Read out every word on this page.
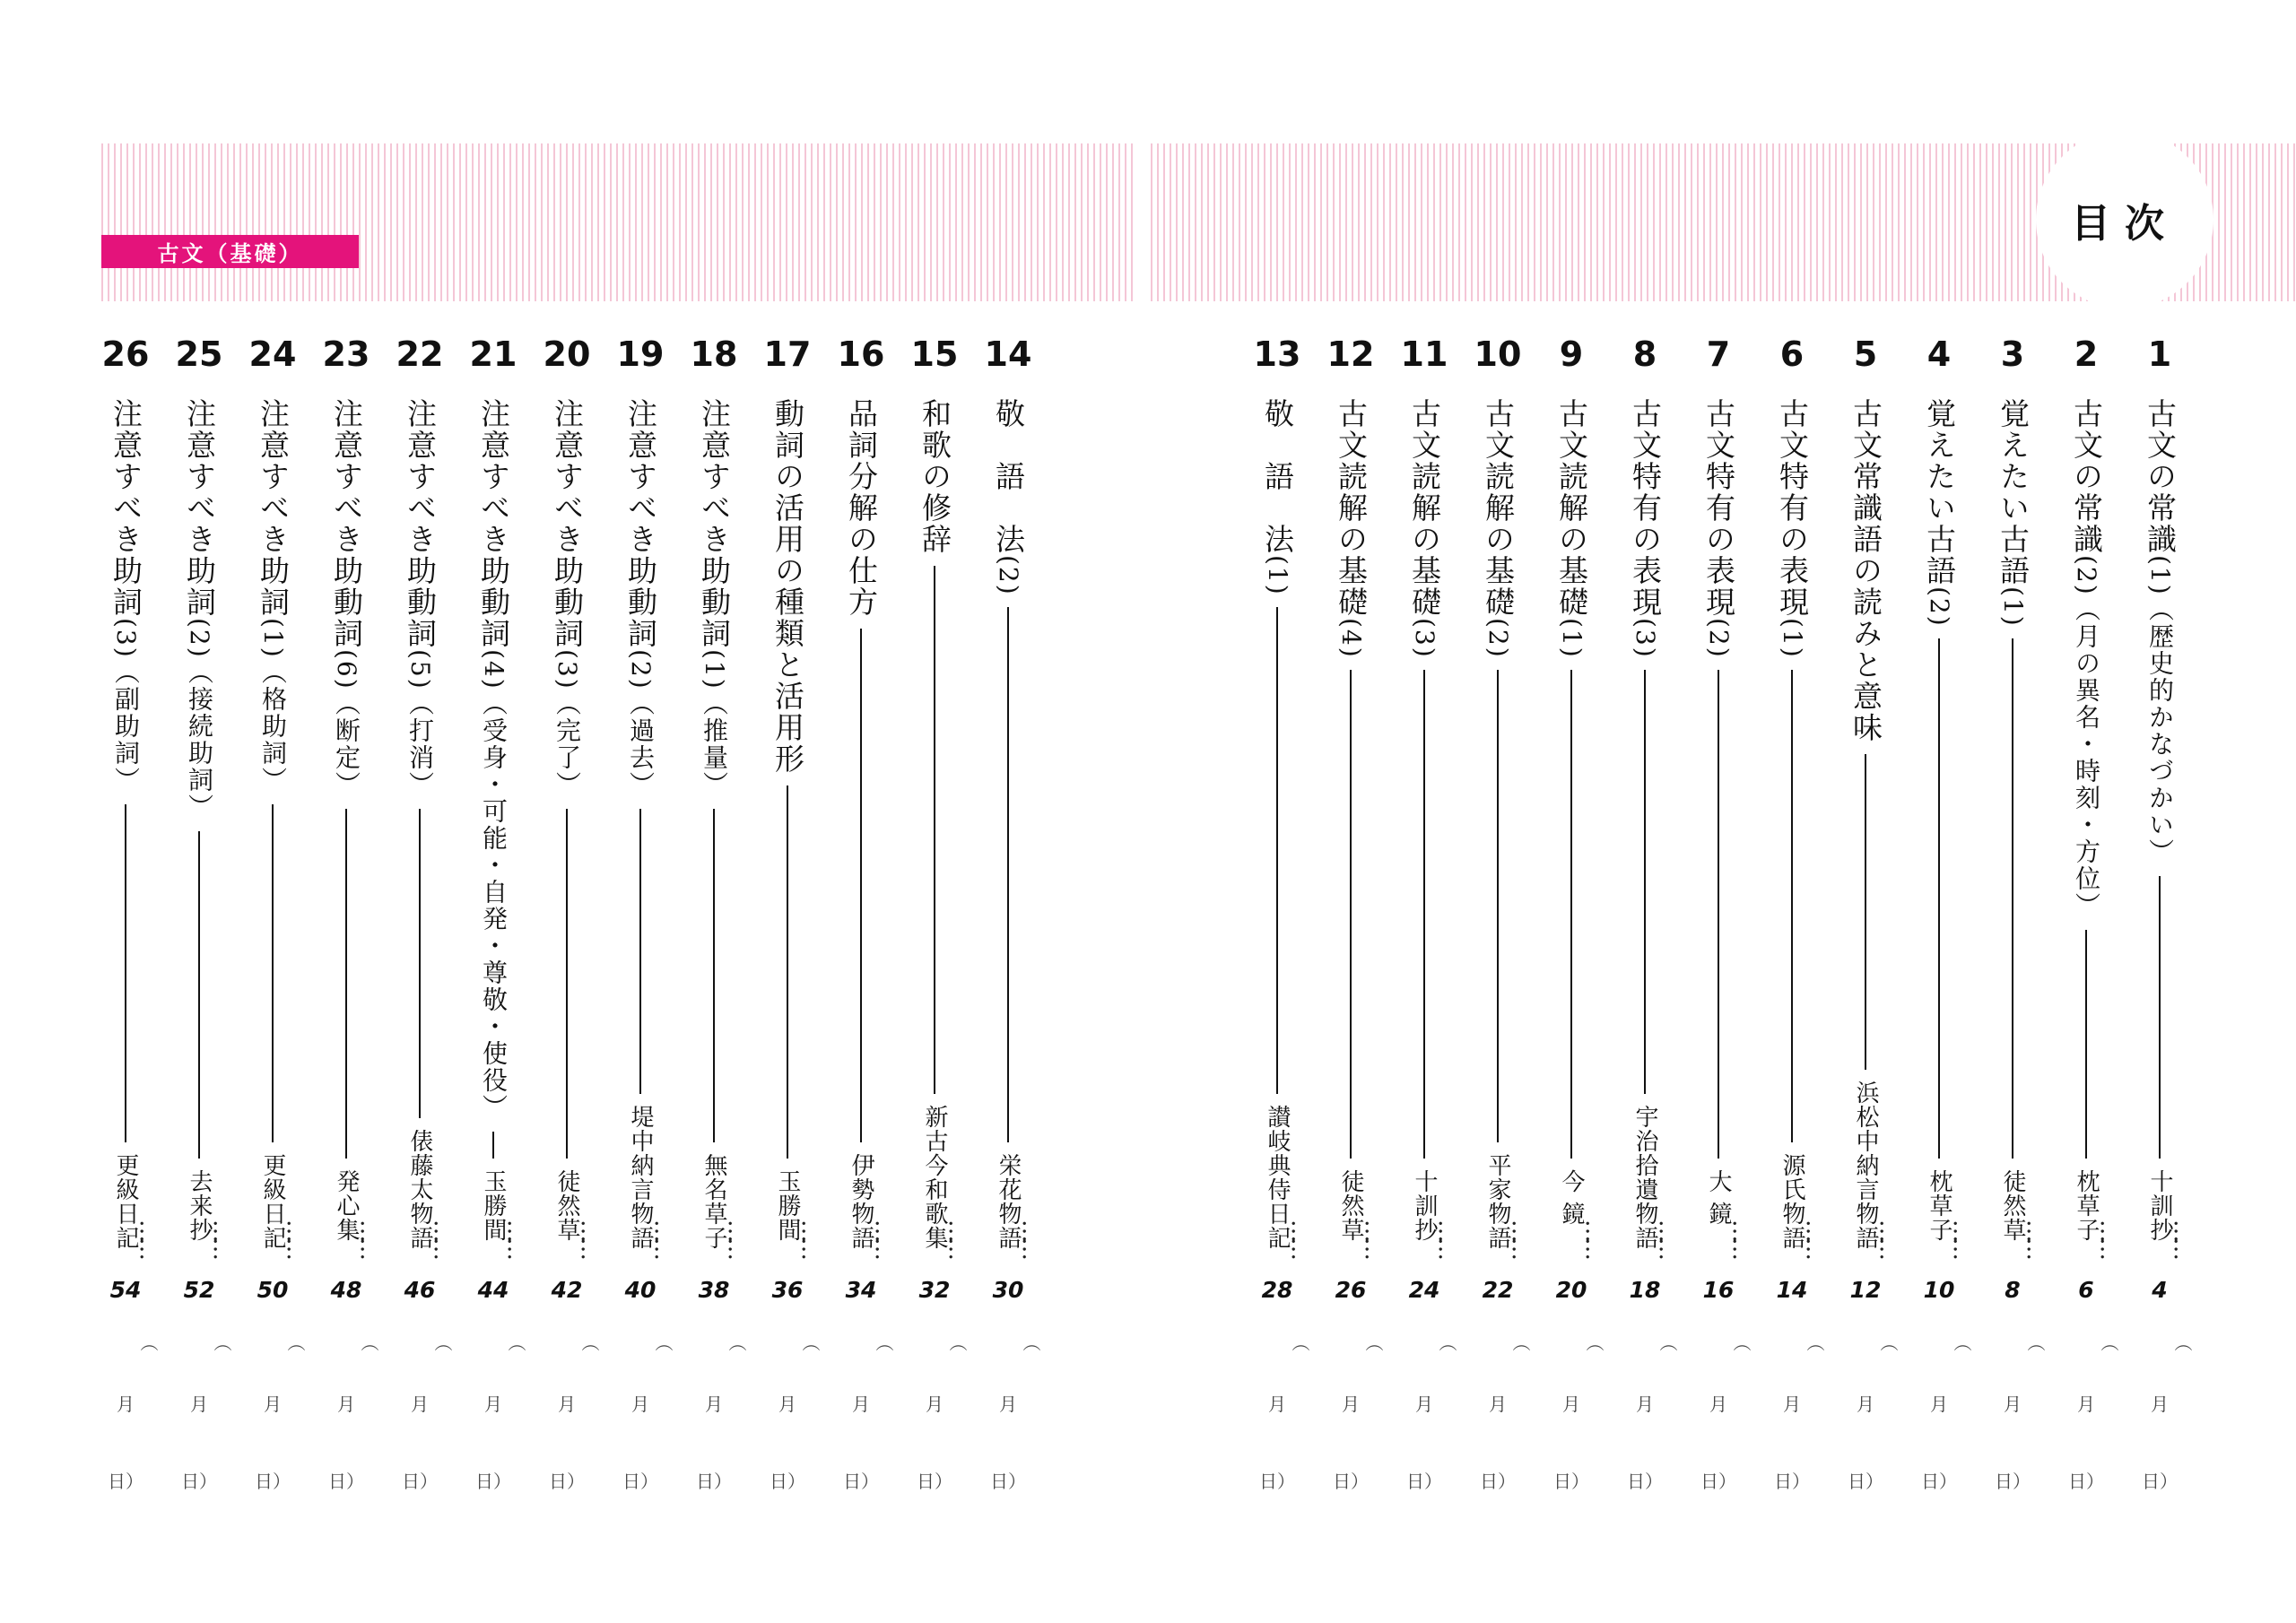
古文（基礎）
目次
1
古文の常識(1)（歴史的かなづかい）
十訓抄
……
4
（
月
日）
2
古文の常識(2)（月の異名・時刻・方位）
枕草子
……
6
（
月
日）
3
覚えたい古語(1)
徒然草
……
8
（
月
日）
4
覚えたい古語(2)
枕草子
……
10
（
月
日）
5
古文常識語の読みと意味
浜松中納言物語
……
12
（
月
日）
6
古文特有の表現(1)
源氏物語
……
14
（
月
日）
7
古文特有の表現(2)
大 鏡
……
16
（
月
日）
8
古文特有の表現(3)
宇治拾遺物語
……
18
（
月
日）
9
古文読解の基礎(1)
今 鏡
……
20
（
月
日）
10
古文読解の基礎(2)
平家物語
……
22
（
月
日）
11
古文読解の基礎(3)
十訓抄
……
24
（
月
日）
12
古文読解の基礎(4)
徒然草
……
26
（
月
日）
13
敬　語　法(1)
讃岐典侍日記
……
28
（
月
日）
14
敬　語　法(2)
栄花物語
……
30
（
月
日）
15
和歌の修辞
新古今和歌集
……
32
（
月
日）
16
品詞分解の仕方
伊勢物語
……
34
（
月
日）
17
動詞の活用の種類と活用形
玉勝間
……
36
（
月
日）
18
注意すべき助動詞(1)（推量）
無名草子
……
38
（
月
日）
19
注意すべき助動詞(2)（過去）
堤中納言物語
……
40
（
月
日）
20
注意すべき助動詞(3)（完了）
徒然草
……
42
（
月
日）
21
注意すべき助動詞(4)（受身・可能・自発・尊敬・使役）
玉勝間
……
44
（
月
日）
22
注意すべき助動詞(5)（打消）
俵藤太物語
……
46
（
月
日）
23
注意すべき助動詞(6)（断定）
発心集
……
48
（
月
日）
24
注意すべき助詞(1)（格助詞）
更級日記
……
50
（
月
日）
25
注意すべき助詞(2)（接続助詞）
去来抄
……
52
（
月
日）
26
注意すべき助詞(3)（副助詞）
更級日記
……
54
（
月
日）
